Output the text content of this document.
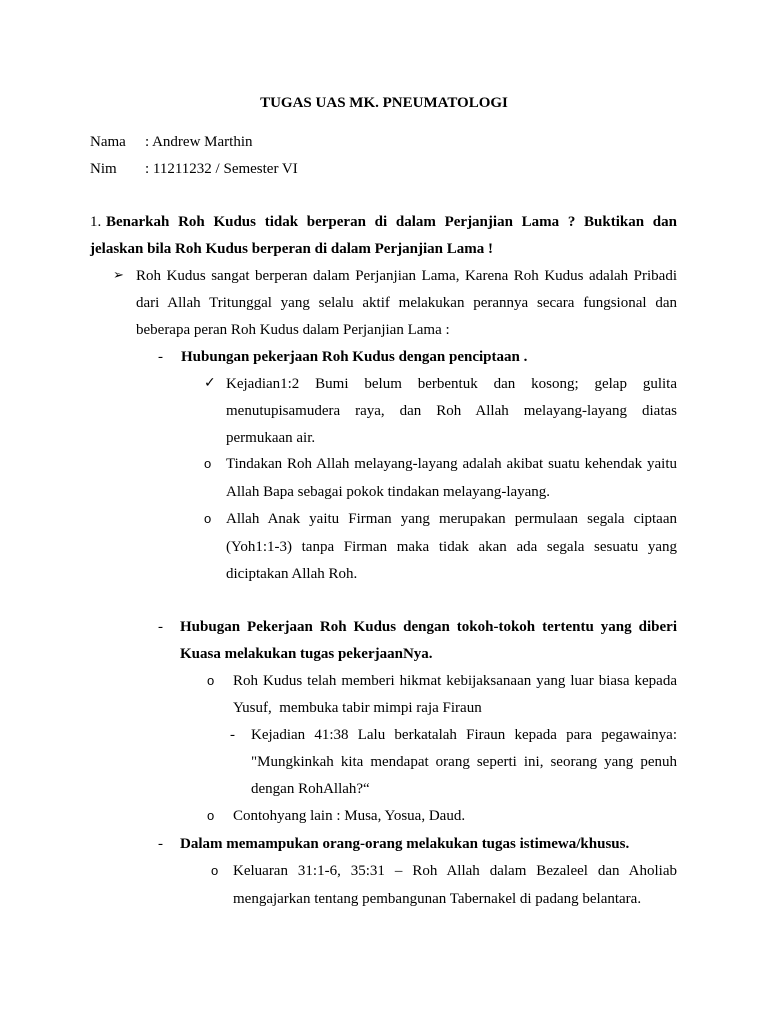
TUGAS UAS MK. PNEUMATOLOGI
Nama : Andrew Marthin
Nim : 11211232 / Semester VI
1. Benarkah Roh Kudus tidak berperan di dalam Perjanjian Lama ? Buktikan dan
jelaskan bila Roh Kudus berperan di dalam Perjanjian Lama !
➢ Roh Kudus sangat berperan dalam Perjanjian Lama, Karena Roh Kudus adalah Pribadi
dari Allah Tritunggal yang selalu aktif melakukan perannya secara fungsional dan
beberapa peran Roh Kudus dalam Perjanjian Lama :
- Hubungan pekerjaan Roh Kudus dengan penciptaan .
✓ Kejadian1:2 Bumi belum berbentuk dan kosong; gelap gulita
menutupisamudera raya, dan Roh Allah melayang-layang diatas
permukaan air.
o Tindakan Roh Allah melayang-layang adalah akibat suatu kehendak yaitu
Allah Bapa sebagai pokok tindakan melayang-layang.
o Allah Anak yaitu Firman yang merupakan permulaan segala ciptaan
(Yoh1:1-3) tanpa Firman maka tidak akan ada segala sesuatu yang
diciptakan Allah Roh.
- Hubugan Pekerjaan Roh Kudus dengan tokoh-tokoh tertentu yang diberi
Kuasa melakukan tugas pekerjaanNya.
o Roh Kudus telah memberi hikmat kebijaksanaan yang luar biasa kepada
Yusuf,  membuka tabir mimpi raja Firaun
- Kejadian 41:38 Lalu berkatalah Firaun kepada para pegawainya:
"Mungkinkah kita mendapat orang seperti ini, seorang yang penuh
dengan RohAllah?“
o Contohyang lain : Musa, Yosua, Daud.
- Dalam memampukan orang-orang melakukan tugas istimewa/khusus.
o Keluaran 31:1-6, 35:31 – Roh Allah dalam Bezaleel dan Aholiab
mengajarkan tentang pembangunan Tabernakel di padang belantara.
